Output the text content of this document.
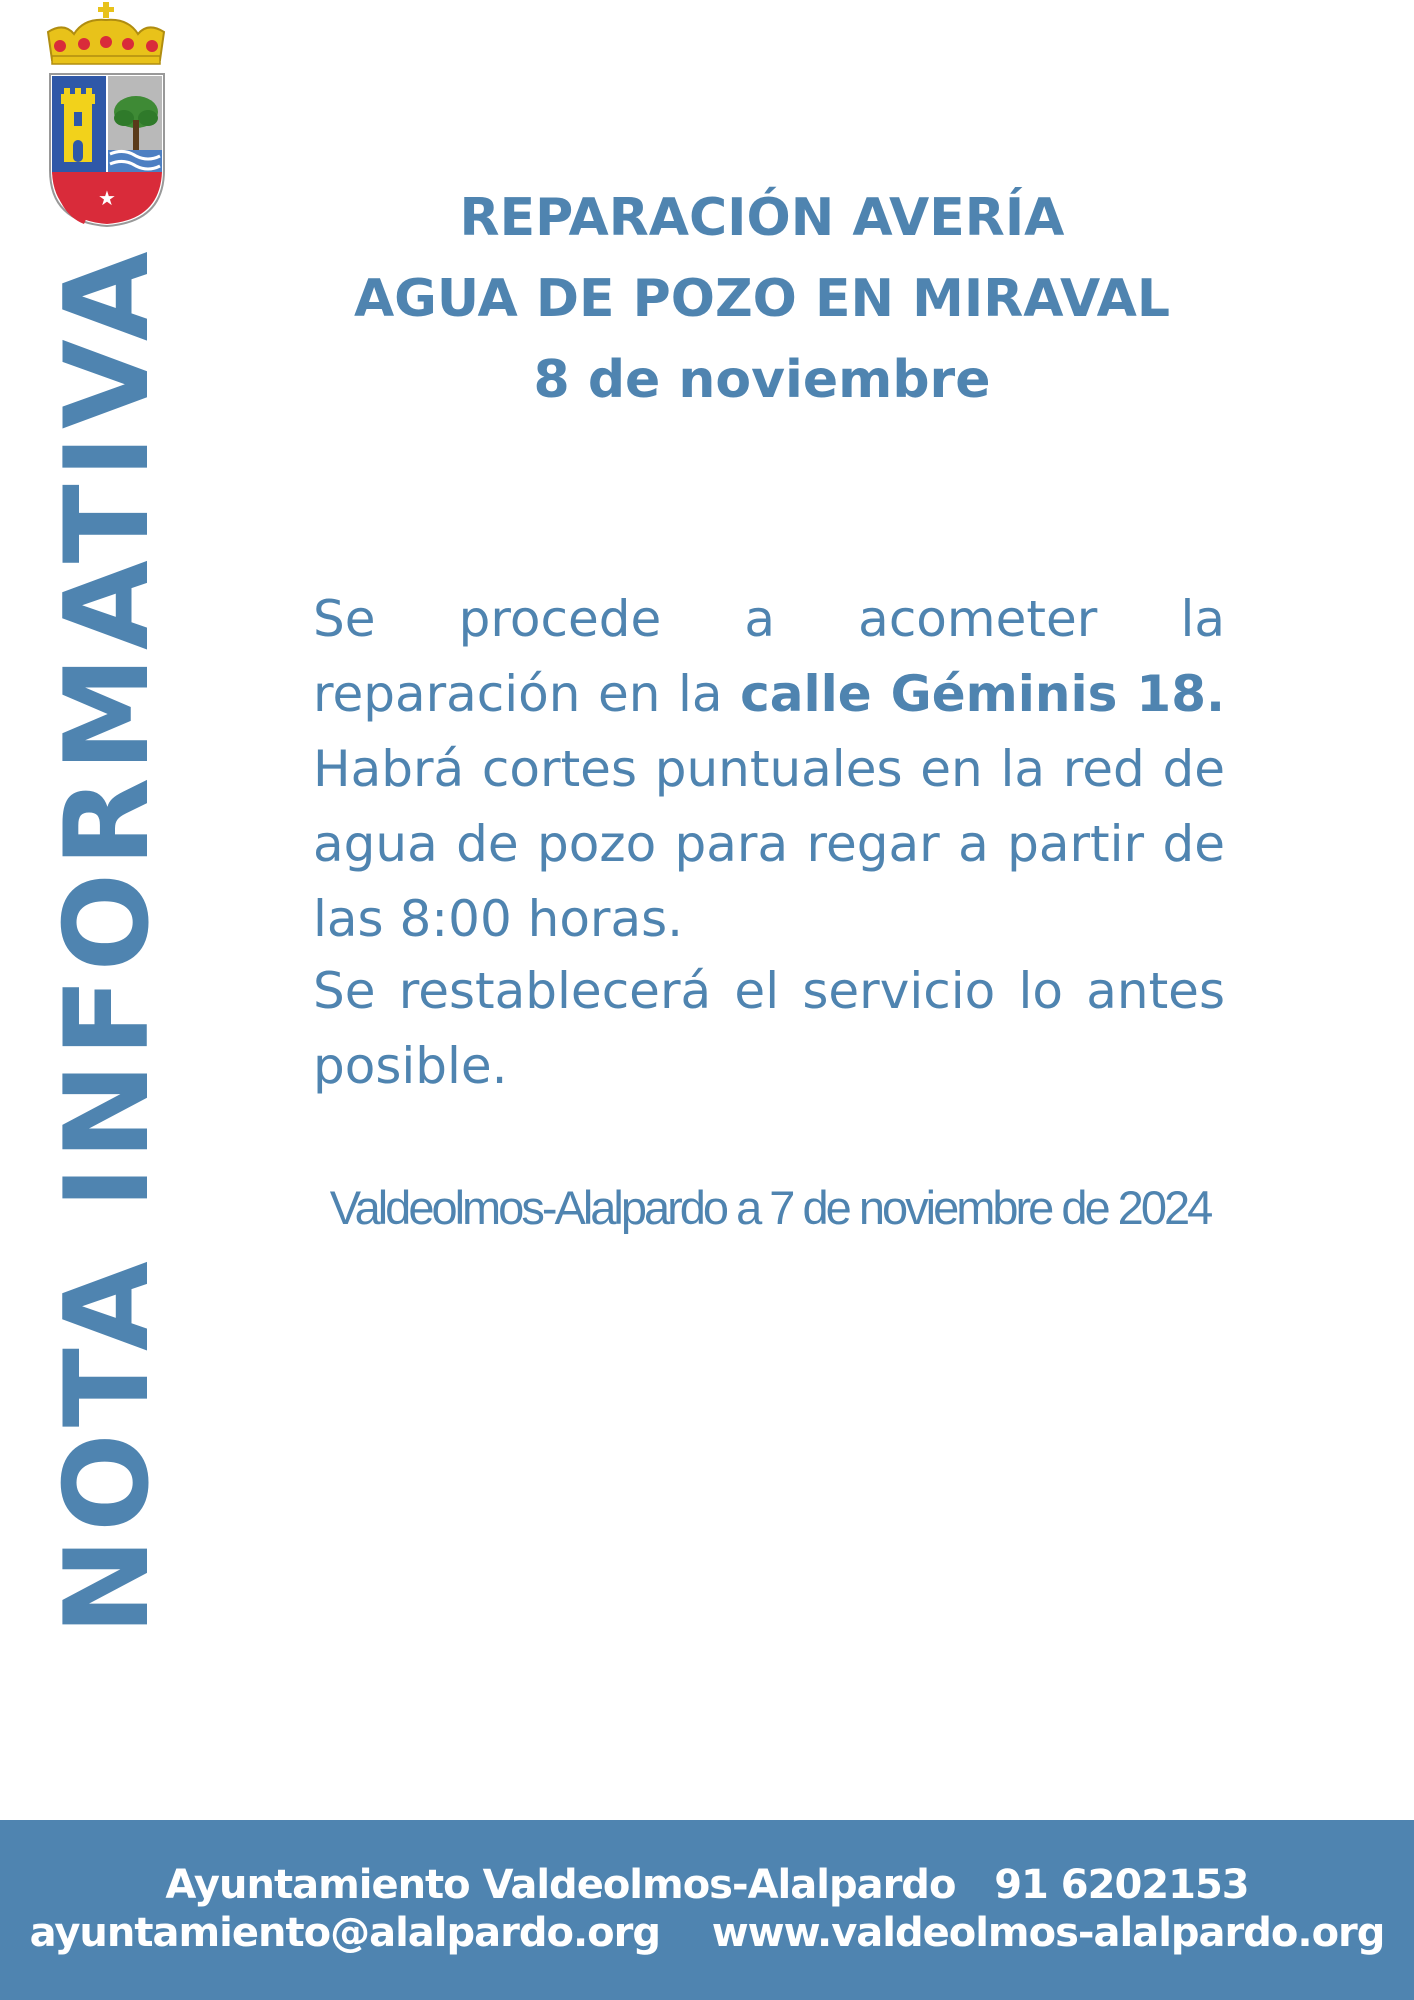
★
NOTA INFORMATIVA
REPARACIÓN AVERÍA
AGUA DE POZO EN MIRAVAL
8 de noviembre
Se procede a acometer la reparación en la calle Géminis 18. Habrá cortes puntuales en la red de agua de pozo para regar a partir de las 8:00 horas.
Se restablecerá el servicio lo antes posible.
Valdeolmos-Alalpardo a 7 de noviembre de 2024
Ayuntamiento Valdeolmos-Alalpardo   91 6202153
ayuntamiento@alalpardo.org    www.valdeolmos-alalpardo.org
